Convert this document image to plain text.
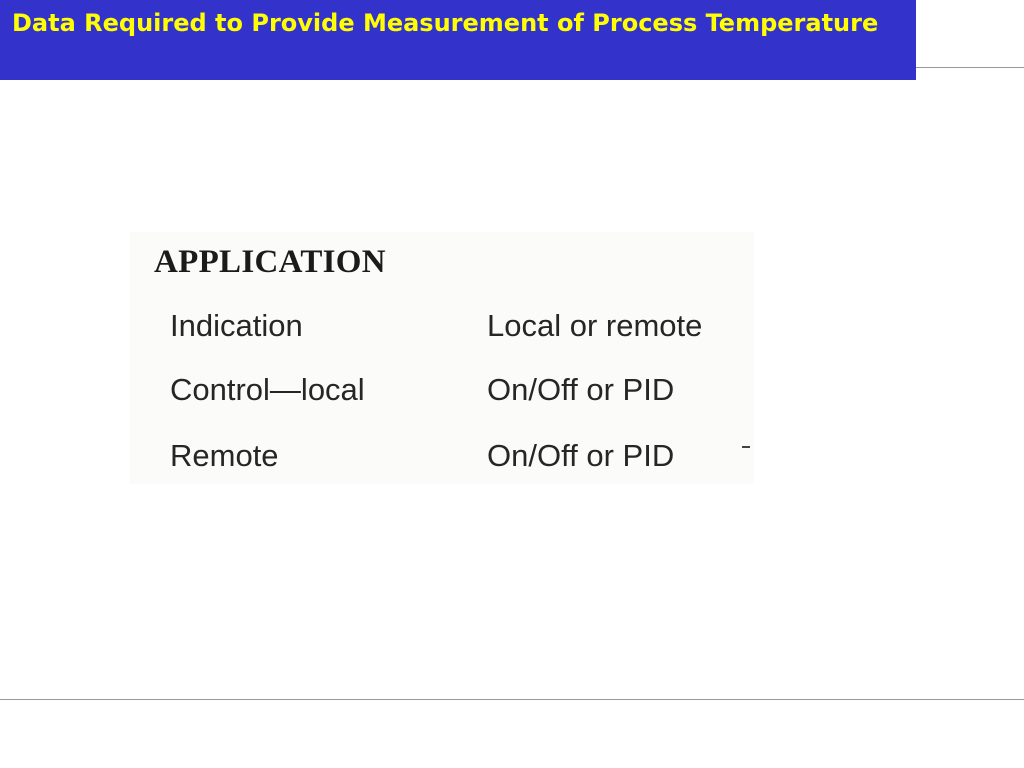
Data Required to Provide Measurement of Process Temperature
APPLICATION
Indication	Local or remote
Control—local	On/Off or PID
Remote	On/Off or PID
